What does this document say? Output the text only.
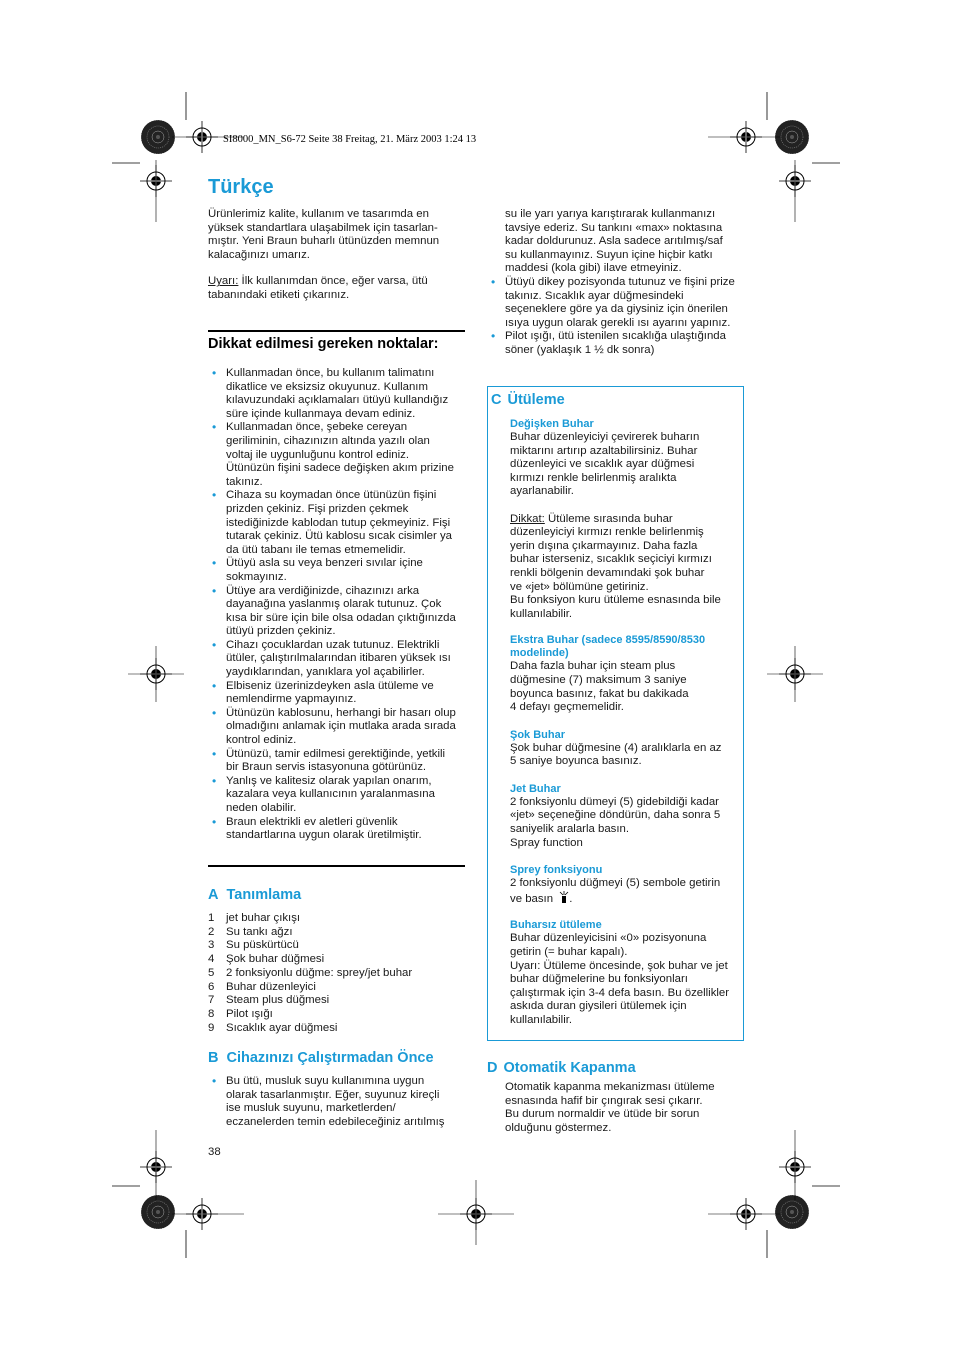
SI8000_MN_S6-72 Seite 38 Freitag, 21. März 2003 1:24 13
Türkçe

Ürünlerimiz kalite, kullanım ve tasarımda en

yüksek standartlara ulaşabilmek için tasarlan-

mıştır. Yeni Braun buharlı ütünüzden memnun

kalacağınızı umarız.

Uyarı: İlk kullanımdan önce, eğer varsa, ütü

tabanındaki etiketi çıkarınız.

Dikkat edilmesi gereken noktalar:

• Kullanmadan önce, bu kullanım talimatını
dikatlice ve eksizsiz okuyunuz. Kullanım
kılavuzundaki açıklamaları ütüyü kullandığız
süre içinde kullanmaya devam ediniz.
• Kullanmadan önce, şebeke cereyan
geriliminin, cihazınızın altında yazılı olan
voltaj ile uygunluğunu kontrol ediniz.
Ütünüzün fişini sadece değişken akım prizine
takınız.
• Cihaza su koymadan önce ütünüzün fişini
prizden çekiniz. Fişi prizden çekmek
istediğinizde kablodan tutup çekmeyiniz. Fişi
tutarak çekiniz. Ütü kablosu sıcak cisimler ya
da ütü tabanı ile temas etmemelidir.
• Ütüyü asla su veya benzeri sıvılar içine
sokmayınız.
• Ütüye ara verdiğinizde, cihazınızı arka
dayanağına yaslanmış olarak tutunuz. Çok
kısa bir süre için bile olsa odadan çıktığınızda
ütüyü prizden çekiniz.
• Cihazı çocuklardan uzak tutunuz. Elektrikli
ütüler, çalıştırılmalarından itibaren yüksek ısı
yaydıklarından, yanıklara yol açabilirler.
• Elbiseniz üzerinizdeyken asla ütüleme ve
nemlendirme yapmayınız.
• Ütünüzün kablosunu, herhangi bir hasarı olup
olmadığını anlamak için mutlaka arada sırada
kontrol ediniz.
• Ütünüzü, tamir edilmesi gerektiğinde, yetkili
bir Braun servis istasyonuna götürünüz.
• Yanlış ve kalitesiz olarak yapılan onarım,
kazalara veya kullanıcının yaralanmasına
neden olabilir.
• Braun elektrikli ev aletleri güvenlik
standartlarına uygun olarak üretilmiştir.
A Tanımlama
1	jet buhar çıkışı
2	Su tankı ağzı
3	Su püskürtücü
4	Şok buhar düğmesi
5	2 fonksiyonlu düğme: sprey/jet buhar
6	Buhar düzenleyici
7	Steam plus düğmesi
8	Pilot ışığı
9	Sıcaklık ayar düğmesi
B Cihazınızı Çalıştırmadan Önce
• Bu ütü, musluk suyu kullanımına uygun
olarak tasarlanmıştır. Eğer, suyunuz kireçli
ise musluk suyunu, marketlerden/
eczanelerden temin edebileceğiniz arıtılmış
38

su ile yarı yarıya karıştırarak kullanmanızı

tavsiye ederiz. Su tankını «max» noktasına

kadar doldurunuz. Asla sadece arıtılmış/saf

su kullanmayınız. Suyun içine hiçbir katkı

maddesi (kola gibi) ilave etmeyiniz.

• Ütüyü dikey pozisyonda tutunuz ve fişini prize
takınız. Sıcaklık ayar düğmesindeki
seçeneklere göre ya da giysiniz için önerilen
ısıya uygun olarak gerekli ısı ayarını yapınız.
• Pilot ışığı, ütü istenilen sıcaklığa ulaştığında
söner (yaklaşık 1 ½ dk sonra)
C Ütüleme

Değişken Buhar

Buhar düzenleyiciyi çevirerek buharın

miktarını artırıp azaltabilirsiniz. Buhar

düzenleyici ve sıcaklık ayar düğmesi

kırmızı renkle belirlenmiş aralıkta

ayarlanabilir.

Dikkat: Ütüleme sırasında buhar

düzenleyiciyi kırmızı renkle belirlenmiş

yerin dışına çıkarmayınız. Daha fazla

buhar isterseniz, sıcaklık seçiciyi kırmızı

renkli bölgenin devamındaki şok buhar

ve «jet» bölümüne getiriniz.

Bu fonksiyon kuru ütüleme esnasında bile

kullanılabilir.

Ekstra Buhar (sadece 8595/8590/8530

modelinde)

Daha fazla buhar için steam plus

düğmesine (7) maksimum 3 saniye

boyunca basınız, fakat bu dakikada

4 defayı geçmemelidir.

Şok Buhar

Şok buhar düğmesine (4) aralıklarla en az

5 saniye boyunca basınız.

Jet Buhar

2 fonksiyonlu dümeyi (5) gidebildiği kadar

«jet» seçeneğine döndürün, daha sonra 5

saniyelik aralarla basın.

Spray function

Sprey fonksiyonu

2 fonksiyonlu düğmeyi (5) sembole getirin

ve basın .

Buharsız ütüleme

Buhar düzenleyicisini «0» pozisyonuna

getirin (= buhar kapalı).

Uyarı: Ütüleme öncesinde, şok buhar ve jet

buhar düğmelerine bu fonksiyonları

çalıştırmak için 3-4 defa basın. Bu özellikler

askıda duran giysileri ütülemek için

kullanılabilir.

D Otomatik Kapanma

Otomatik kapanma mekanizması ütüleme

esnasında hafif bir çıngırak sesi çıkarır.

Bu durum normaldir ve ütüde bir sorun

olduğunu göstermez.
